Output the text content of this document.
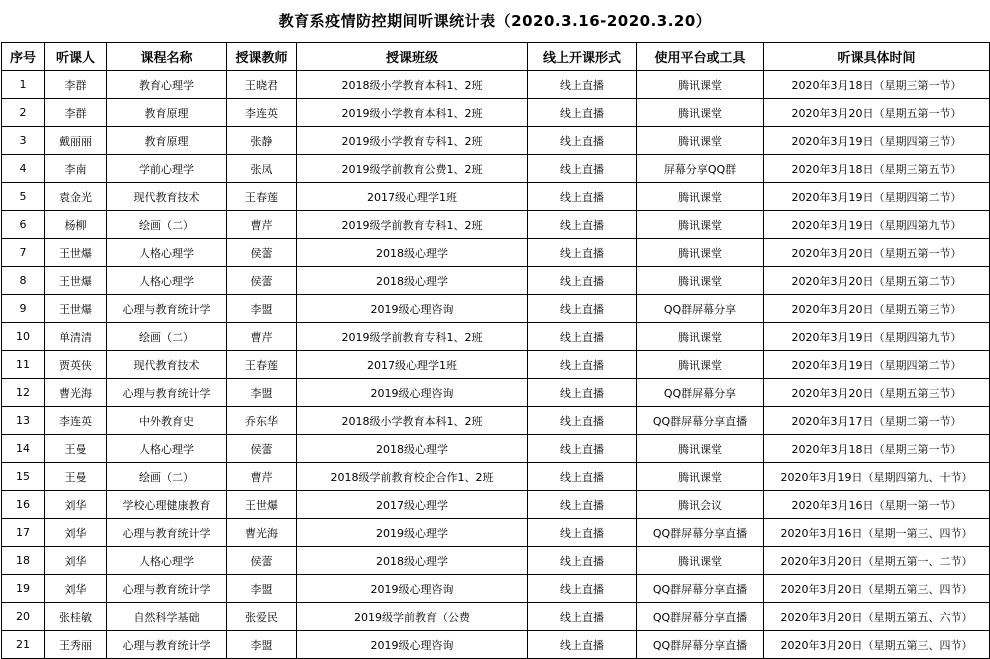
教育系疫情防控期间听课统计表（2020.3.16-2020.3.20）
序号	听课人	课程名称	授课教师	授课班级	线上开课形式	使用平台或工具	听课具体时间
1	李群	教育心理学	王晓君	2018级小学教育本科1、2班	线上直播	腾讯课堂	2020年3月18日（星期三第一节）
2	李群	教育原理	李连英	2019级小学教育本科1、2班	线上直播	腾讯课堂	2020年3月20日（星期五第一节）
3	戴丽丽	教育原理	张静	2019级小学教育专科1、2班	线上直播	腾讯课堂	2020年3月19日（星期四第三节）
4	李南	学前心理学	张凤	2019级学前教育公费1、2班	线上直播	屏幕分享QQ群	2020年3月18日（星期三第五节）
5	袁金光	现代教育技术	王春莲	2017级心理学1班	线上直播	腾讯课堂	2020年3月19日（星期四第二节）
6	杨柳	绘画（二）	曹芹	2019级学前教育专科1、2班	线上直播	腾讯课堂	2020年3月19日（星期四第九节）
7	王世爆	人格心理学	侯蕾	2018级心理学	线上直播	腾讯课堂	2020年3月20日（星期五第一节）
8	王世爆	人格心理学	侯蕾	2018级心理学	线上直播	腾讯课堂	2020年3月20日（星期五第二节）
9	王世爆	心理与教育统计学	李盟	2019级心理咨询	线上直播	QQ群屏幕分享	2020年3月20日（星期五第三节）
10	单清清	绘画（二）	曹芹	2019级学前教育专科1、2班	线上直播	腾讯课堂	2020年3月19日（星期四第九节）
11	贾英侠	现代教育技术	王春莲	2017级心理学1班	线上直播	腾讯课堂	2020年3月19日（星期四第二节）
12	曹光海	心理与教育统计学	李盟	2019级心理咨询	线上直播	QQ群屏幕分享	2020年3月20日（星期五第三节）
13	李连英	中外教育史	乔东华	2018级小学教育本科1、2班	线上直播	QQ群屏幕分享直播	2020年3月17日（星期二第一节）
14	王曼	人格心理学	侯蕾	2018级心理学	线上直播	腾讯课堂	2020年3月18日（星期三第一节）
15	王曼	绘画（二）	曹芹	2018级学前教育校企合作1、2班	线上直播	腾讯课堂	2020年3月19日（星期四第九、十节）
16	刘华	学校心理健康教育	王世爆	2017级心理学	线上直播	腾讯会议	2020年3月16日（星期一第一节）
17	刘华	心理与教育统计学	曹光海	2019级心理学	线上直播	QQ群屏幕分享直播	2020年3月16日（星期一第三、四节）
18	刘华	人格心理学	侯蕾	2018级心理学	线上直播	腾讯课堂	2020年3月20日（星期五第一、二节）
19	刘华	心理与教育统计学	李盟	2019级心理咨询	线上直播	QQ群屏幕分享直播	2020年3月20日（星期五第三、四节）
20	张桂敏	自然科学基础	张爱民	2019级学前教育（公费	线上直播	QQ群屏幕分享直播	2020年3月20日（星期五第五、六节）
21	王秀丽	心理与教育统计学	李盟	2019级心理咨询	线上直播	QQ群屏幕分享直播	2020年3月20日（星期五第三、四节）
